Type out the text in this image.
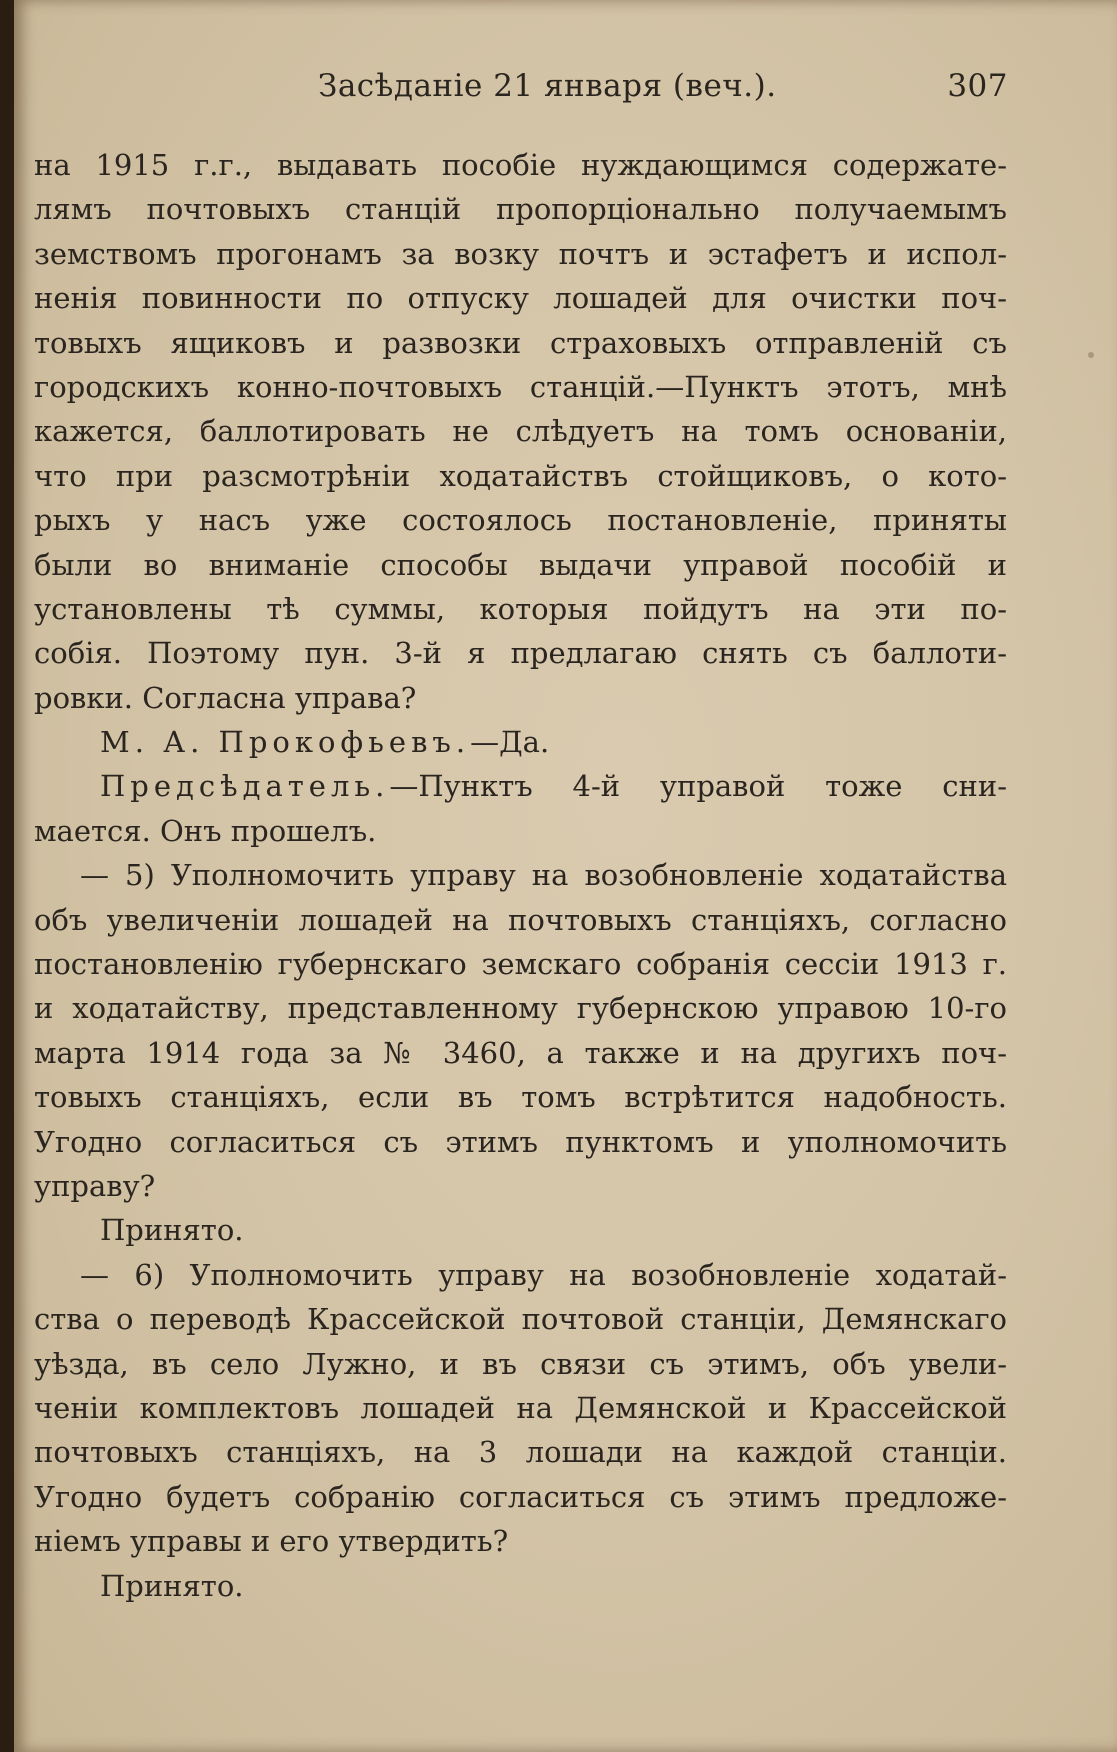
Засѣданіе 21 января (веч.).	307
на 1915 г.г., выдавать пособіе нуждающимся содержате-
лямъ почтовыхъ станцій пропорціонально получаемымъ
земствомъ прогонамъ за возку почтъ и эстафетъ и испол-
ненія повинности по отпуску лошадей для очистки поч-
товыхъ ящиковъ и развозки страховыхъ отправленій съ
городскихъ конно-почтовыхъ станцій.—Пунктъ этотъ, мнѣ
кажется, баллотировать не слѣдуетъ на томъ основаніи,
что при разсмотрѣніи ходатайствъ стойщиковъ, о кото-
рыхъ у насъ уже состоялось постановленіе, приняты
были во вниманіе способы выдачи управой пособій и
установлены тѣ суммы, которыя пойдутъ на эти по-
собія. Поэтому пун. 3-й я предлагаю снять съ баллоти-
ровки. Согласна управа?
М. А. Прокофьевъ.—Да.
Предсѣдатель.—Пунктъ 4-й управой тоже сни-
мается. Онъ прошелъ.
— 5) Уполномочить управу на возобновленіе ходатайства
объ увеличеніи лошадей на почтовыхъ станціяхъ, согласно
постановленію губернскаго земскаго собранія сессіи 1913 г.
и ходатайству, представленному губернскою управою 10-го
марта 1914 года за № 3460, а также и на другихъ поч-
товыхъ станціяхъ, если въ томъ встрѣтится надобность.
Угодно согласиться съ этимъ пунктомъ и уполномочить
управу?
Принято.
— 6) Уполномочить управу на возобновленіе ходатай-
ства о переводѣ Крассейской почтовой станціи, Демянскаго
уѣзда, въ село Лужно, и въ связи съ этимъ, объ увели-
ченіи комплектовъ лошадей на Демянской и Крассейской
почтовыхъ станціяхъ, на 3 лошади на каждой станціи.
Угодно будетъ собранію согласиться съ этимъ предложе-
ніемъ управы и его утвердить?
Принято.
